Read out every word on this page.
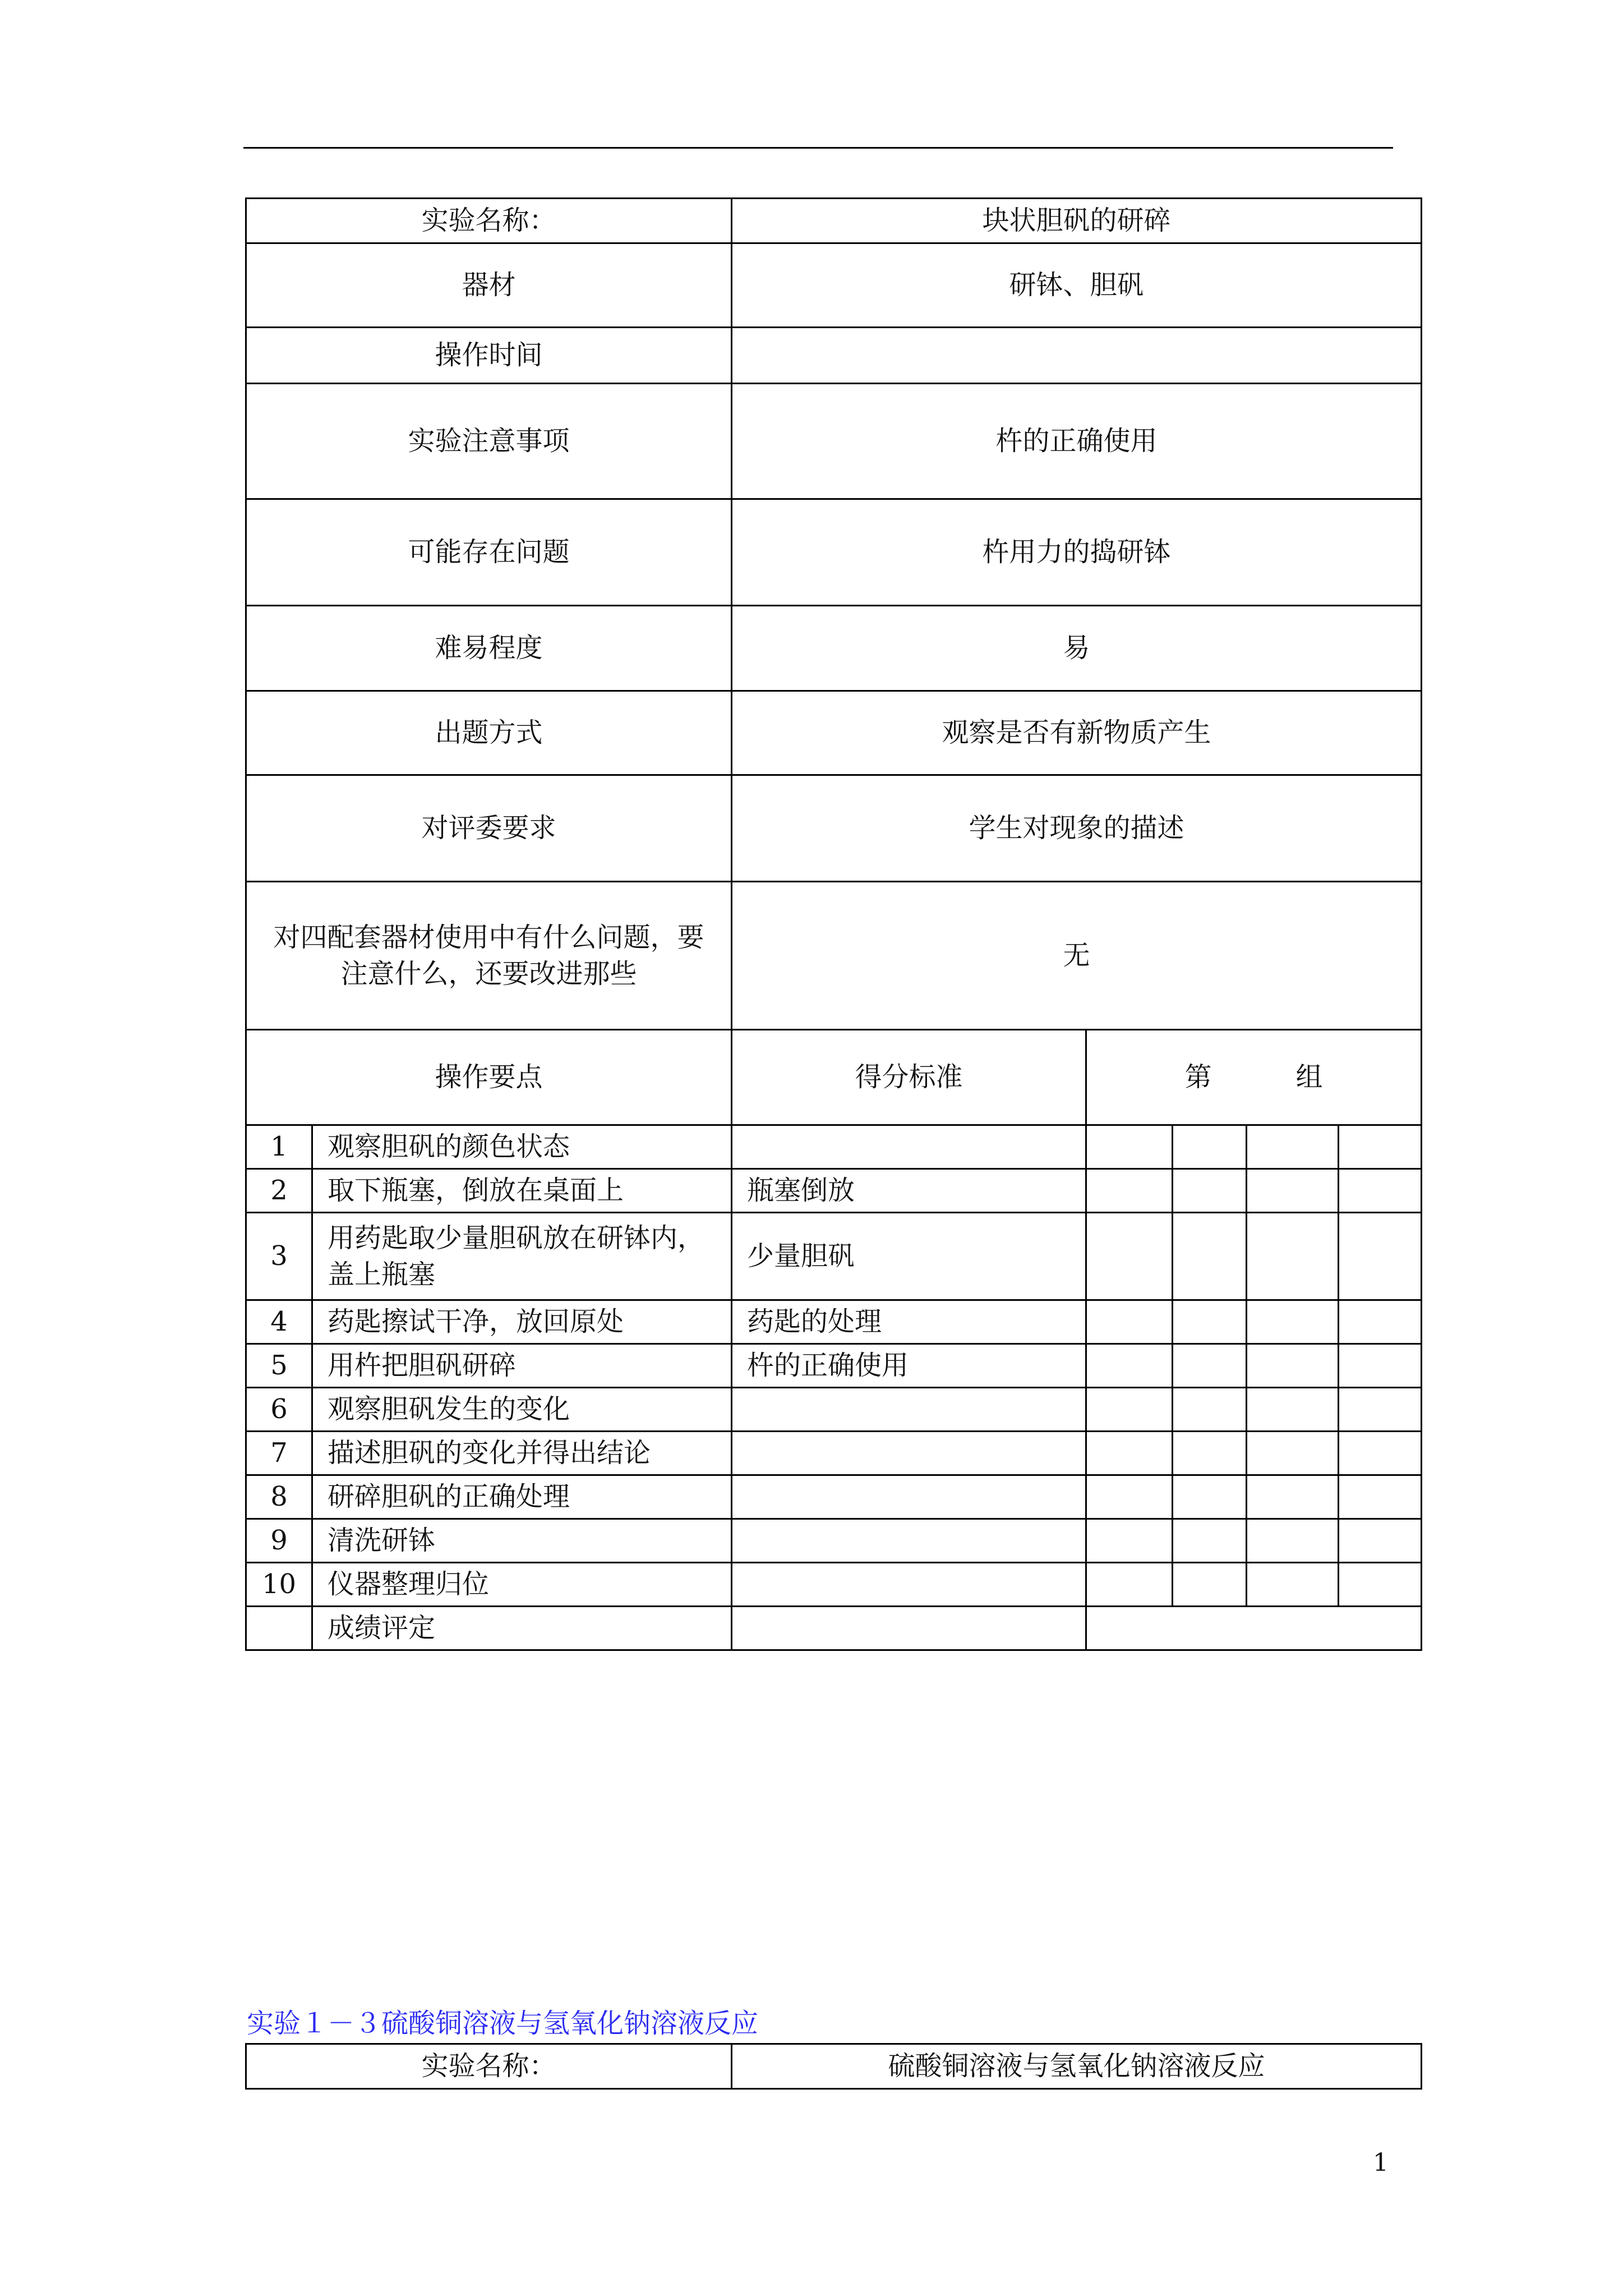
实验名称：		块状胆矾的研碎				
器材		研钵、胆矾				
操作时间						
实验注意事项		杵的正确使用				
可能存在问题		杵用力的捣研钵				
难易程度		易				
出题方式		观察是否有新物质产生				
对评委要求		学生对现象的描述				

对四配套器材使用中有什么问题，要
注意什么，还要改进那些		无				
操作要点		得分标准	第 组			
1	观察胆矾的颜色状态					
2	取下瓶塞，倒放在桌面上	瓶塞倒放				
3	用药匙取少量胆矾放在研钵内，盖上瓶塞	少量胆矾				
4	药匙擦试干净，放回原处	药匙的处理				
5	用杵把胆矾研碎	杵的正确使用				
6	观察胆矾发生的变化					
7	描述胆矾的变化并得出结论					
8	研碎胆矾的正确处理					
9	清洗研钵					
10	仪器整理归位					
	成绩评定					
实验１－３硫酸铜溶液与氢氧化钠溶液反应
实验名称：	硫酸铜溶液与氢氧化钠溶液反应
1
